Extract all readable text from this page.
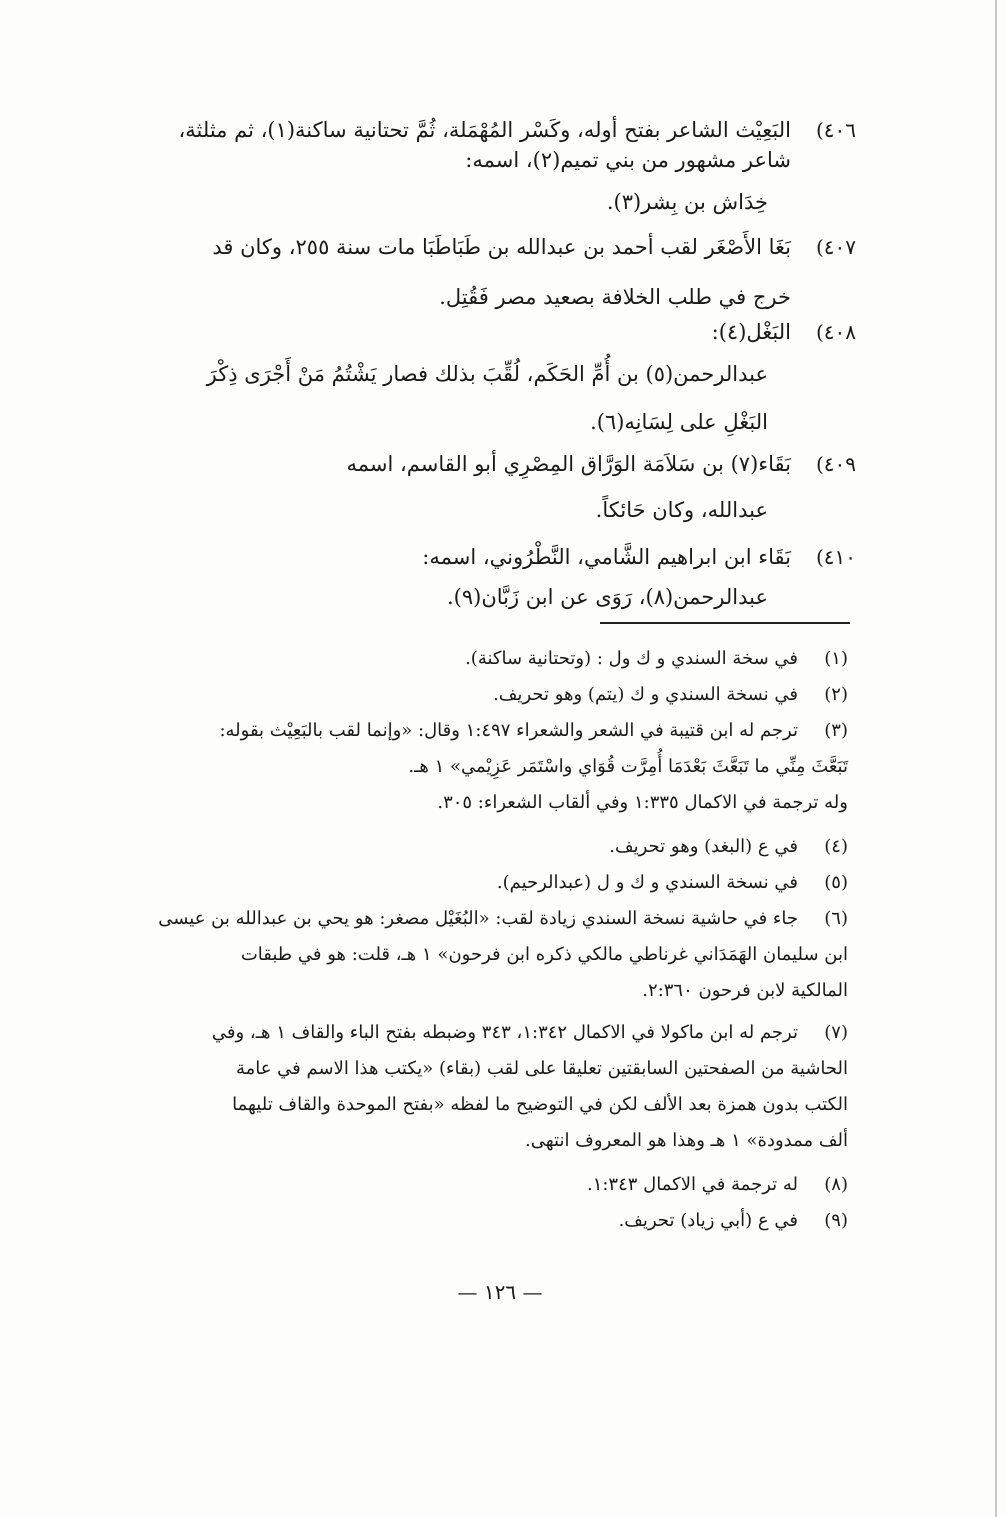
٤٠٦)
البَعِيْث الشاعر بفتح أوله، وكَسْر المُهْمَلة، ثُمَّ تحتانية ساكنة(١)، ثم مثلثة،
شاعر مشهور من بني تميم(٢)، اسمه:
خِدَاش بن بِشر(٣).
٤٠٧)
بَغَا الأَصْغَر لقب أحمد بن عبدالله بن طَبَاطَبَا مات سنة ٢٥٥، وكان قد
خرج في طلب الخلافة بصعيد مصر فَقُتِل.
٤٠٨)
البَغْل(٤):
عبدالرحمن(٥) بن أُمِّ الحَكَم، لُقِّبَ بذلك فصار يَشْتُمُ مَنْ أَجْرَى ذِكْرَ
البَغْلِ على لِسَانِه(٦).
٤٠٩)
بَقَاء(٧) بن سَلاَمَة الوَرَّاق المِصْرِي أبو القاسم، اسمه
عبدالله، وكان حَائكاً.
٤١٠)
بَقَاء ابن ابراهيم الشَّامي، النَّطْرُوني، اسمه:
عبدالرحمن(٨)، رَوَى عن ابن زَبَّان(٩).
(١)
في سخة السندي و ك ول : (وتحتانية ساكنة).
(٢)
في نسخة السندي و ك (يتم) وهو تحريف.
(٣)
ترجم له ابن قتيبة في الشعر والشعراء ١:٤٩٧ وقال: «وإنما لقب بالبَعِيْث بقوله:
تَبَعَّثَ مِنِّي ما تَبَعَّثَ بَعْدَمَا أُمِرَّت قُوَاي واسْتَمَر عَزِيْمي» ١ هـ.
وله ترجمة في الاكمال ١:٣٣٥ وفي ألقاب الشعراء: ٣٠٥.
(٤)
في ع (البغد) وهو تحريف.
(٥)
في نسخة السندي و ك و ل (عبدالرحيم).
(٦)
جاء في حاشية نسخة السندي زيادة لقب: «البُغَيْل مصغر: هو يحي بن عبدالله بن عيسى
ابن سليمان الهَمَدَاني غرناطي مالكي ذكره ابن فرحون» ١ هـ، قلت: هو في طبقات
المالكية لابن فرحون ٢:٣٦٠.
(٧)
ترجم له ابن ماكولا في الاكمال ١:٣٤٢، ٣٤٣ وضبطه بفتح الباء والقاف ١ هـ، وفي
الحاشية من الصفحتين السابقتين تعليقا على لقب (بقاء) «يكتب هذا الاسم في عامة
الكتب بدون همزة بعد الألف لكن في التوضيح ما لفظه «بفتح الموحدة والقاف تليهما
ألف ممدودة» ١ هـ وهذا هو المعروف انتهى.
(٨)
له ترجمة في الاكمال ١:٣٤٣.
(٩)
في ع (أبي زياد) تحريف.
— ١٢٦ —
